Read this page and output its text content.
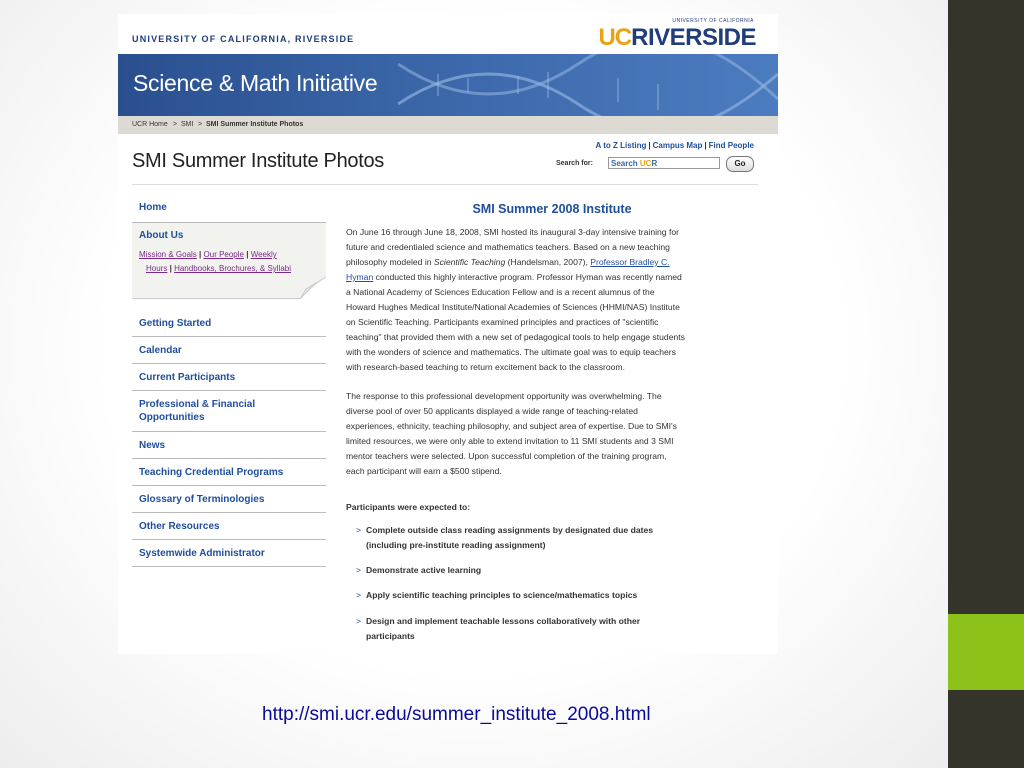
UNIVERSITY OF CALIFORNIA, RIVERSIDE
UNIVERSITY OF CALIFORNIA
UCRIVERSIDE
Science & Math Initiative
UCR Home > SMI > SMI Summer Institute Photos
SMI Summer Institute Photos
A to Z Listing | Campus Map | Find People
Search for:	Search UCR	Go
Home
About Us
Mission & Goals | Our People | Weekly
Hours | Handbooks, Brochures, & Syllabi
Getting Started
Calendar
Current Participants
Professional & Financial
Opportunities
News
Teaching Credential Programs
Glossary of Terminologies
Other Resources
Systemwide Administrator
SMI Summer 2008 Institute
On June 16 through June 18, 2008, SMI hosted its inaugural 3-day intensive training for
future and credentialed science and mathematics teachers. Based on a new teaching
philosophy modeled in Scientific Teaching (Handelsman, 2007), Professor Bradley C.
Hyman conducted this highly interactive program. Professor Hyman was recently named
a National Academy of Sciences Education Fellow and is a recent alumnus of the
Howard Hughes Medical Institute/National Academies of Sciences (HHMI/NAS) Institute
on Scientific Teaching. Participants examined principles and practices of "scientific
teaching" that provided them with a new set of pedagogical tools to help engage students
with the wonders of science and mathematics. The ultimate goal was to equip teachers
with research-based teaching to return excitement back to the classroom.
The response to this professional development opportunity was overwhelming. The
diverse pool of over 50 applicants displayed a wide range of teaching-related
experiences, ethnicity, teaching philosophy, and subject area of expertise. Due to SMI's
limited resources, we were only able to extend invitation to 11 SMI students and 3 SMI
mentor teachers were selected. Upon successful completion of the training program,
each participant will earn a $500 stipend.
Participants were expected to:
> Complete outside class reading assignments by designated due dates
(including pre-institute reading assignment)
> Demonstrate active learning
> Apply scientific teaching principles to science/mathematics topics
> Design and implement teachable lessons collaboratively with other
participants
http://smi.ucr.edu/summer_institute_2008.html
